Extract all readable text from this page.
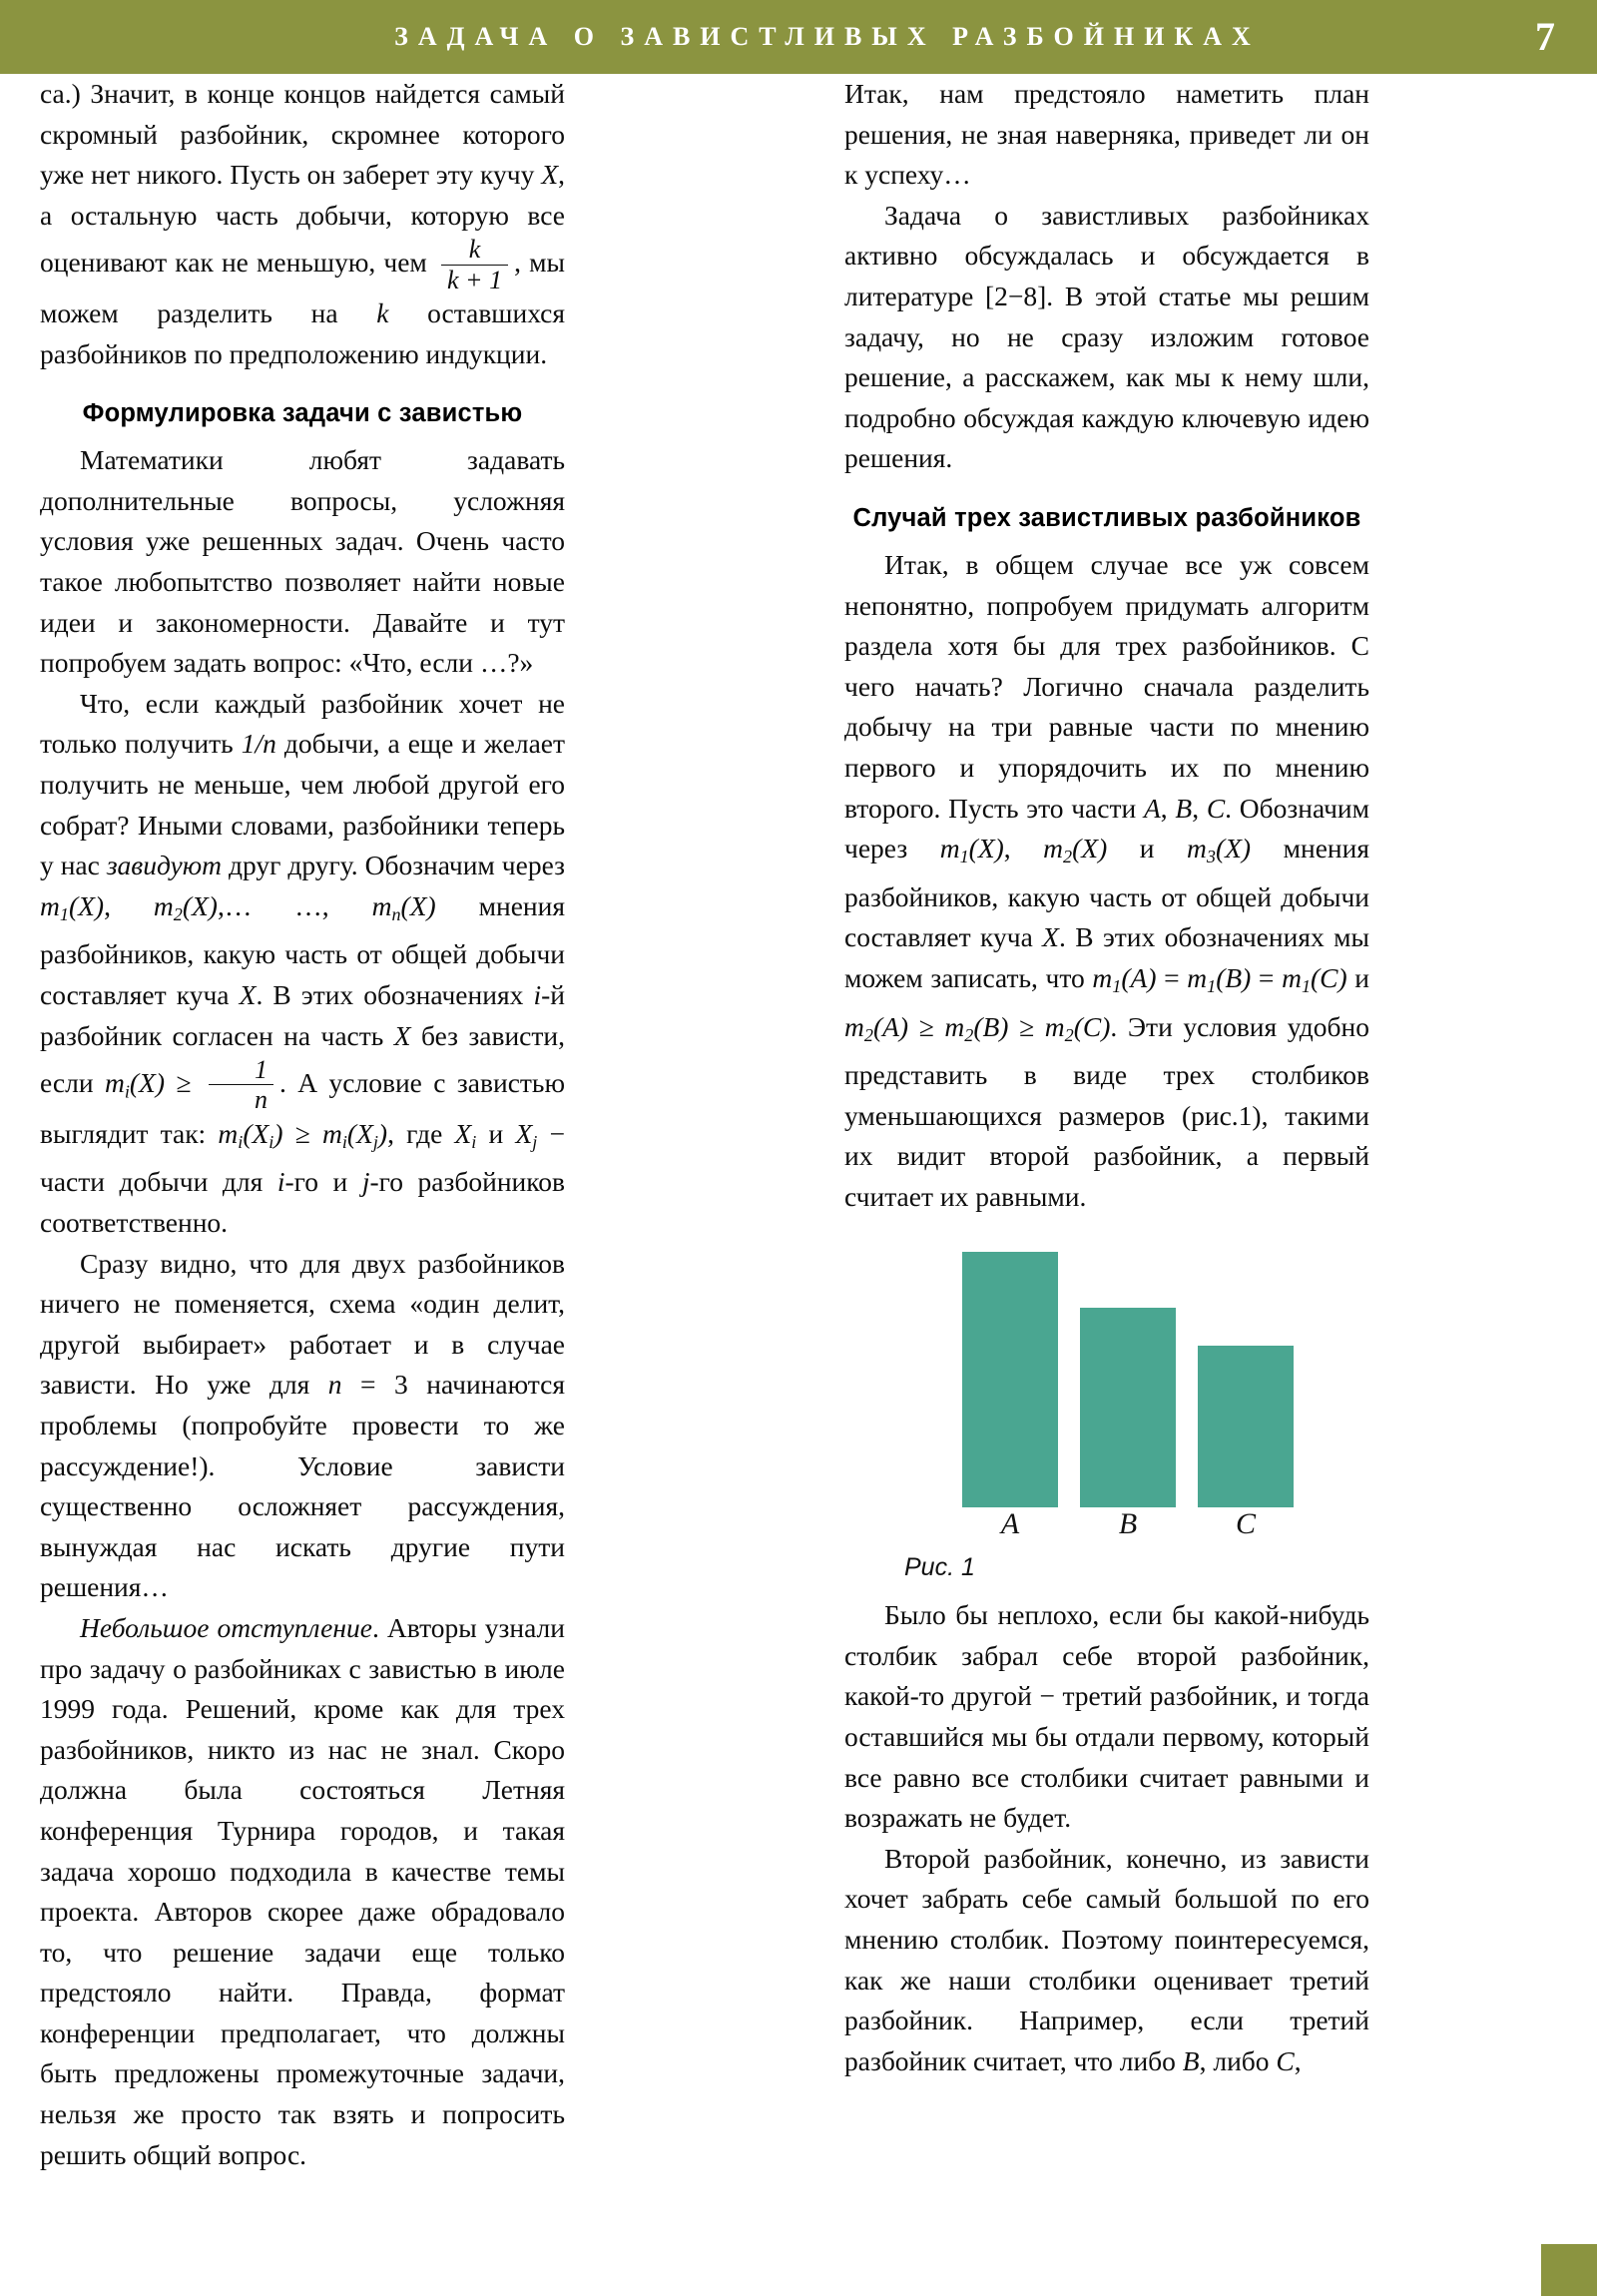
ЗАДАЧА О ЗАВИСТЛИВЫХ РАЗБОЙНИКАХ	7

са.) Значит, в конце концов найдется самый скромный разбойник, скромнее которого уже нет никого. Пусть он заберет эту кучу X, а остальную часть добычи, которую все оценивают как не меньшую, чем $\frac{k}{k + 1}$ , мы можем разделить на k оставшихся разбойников по предположению индукции.

Формулировка задачи с завистью

Математики любят задавать дополнительные вопросы, усложняя условия уже решенных задач. Очень часто такое любопытство позволяет найти новые идеи и закономерности. Давайте и тут попробуем задать вопрос: «Что, если …?»

Что, если каждый разбойник хочет не только получить 1/n добычи, а еще и желает получить не меньше, чем любой другой его собрат? Иными словами, разбойники теперь у нас завидуют друг другу. Обозначим через $m_1(X)$, $m_2(X),\dots$ …, $m_n(X)$ мнения разбойников, какую часть от общей добычи составляет куча X. В этих обозначениях i-й разбойник согласен на часть X без зависти, если $m_i(X) \ge \frac{1}{n}$ . А условие с завистью выглядит так: $m_i(X_i) \ge m_i(X_j)$, где $X_i$ и $X_j$ − части добычи для i-го и j-го разбойников соответственно.

Сразу видно, что для двух разбойников ничего не поменяется, схема «один делит, другой выбирает» работает и в случае зависти. Но уже для n = 3 начинаются проблемы (попробуйте провести то же рассуждение!). Условие зависти существенно осложняет рассуждения, вынуждая нас искать другие пути решения…

Небольшое отступление. Авторы узнали про задачу о разбойниках с завистью в июле 1999 года. Решений, кроме как для трех разбойников, никто из нас не знал. Скоро должна была состояться Летняя конференция Турнира городов, и такая задача хорошо подходила в качестве темы проекта. Авторов скорее даже обрадовало то, что решение задачи еще только предстояло найти. Правда, формат конференции предполагает, что должны быть предложены промежуточные задачи, нельзя же просто так взять и попросить решить общий вопрос.

Итак, нам предстояло наметить план решения, не зная наверняка, приведет ли он к успеху…

Задача о завистливых разбойниках активно обсуждалась и обсуждается в литературе [2−8]. В этой статье мы решим задачу, но не сразу изложим готовое решение, а расскажем, как мы к нему шли, подробно обсуждая каждую ключевую идею решения.

Случай трех завистливых разбойников

Итак, в общем случае все уж совсем непонятно, попробуем придумать алгоритм раздела хотя бы для трех разбойников. С чего начать? Логично сначала разделить добычу на три равные части по мнению первого и упорядочить их по мнению второго. Пусть это части A, B, C. Обозначим через $m_1(X)$, $m_2(X)$ и $m_3(X)$ мнения разбойников, какую часть от общей добычи составляет куча X. В этих обозначениях мы можем записать, что $m_1(A) = m_1(B) = m_1(C)$ и $m_2(A) \ge m_2(B) \ge m_2(C)$. Эти условия удобно представить в виде трех столбиков уменьшающихся размеров (рис.1), такими их видит второй разбойник, а первый считает их равными.

A	B	C
Рис. 1

Было бы неплохо, если бы какой-нибудь столбик забрал себе второй разбойник, какой-то другой − третий разбойник, и тогда оставшийся мы бы отдали первому, который все равно все столбики считает равными и возражать не будет.

Второй разбойник, конечно, из зависти хочет забрать себе самый большой по его мнению столбик. Поэтому поинтересуемся, как же наши столбики оценивает третий разбойник. Например, если третий разбойник считает, что либо B, либо C,
